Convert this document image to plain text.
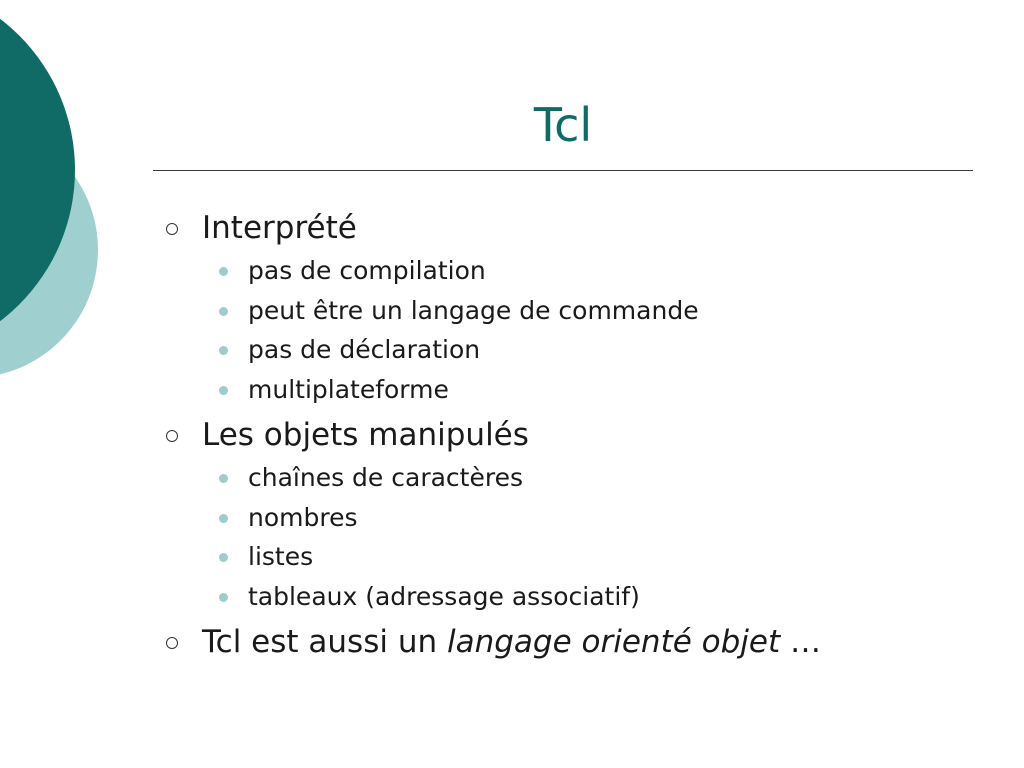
Tcl
Interprété
pas de compilation
peut être un langage de commande
pas de déclaration
multiplateforme
Les objets manipulés
chaînes de caractères
nombres
listes
tableaux (adressage associatif)
Tcl est aussi un langage orienté objet …
